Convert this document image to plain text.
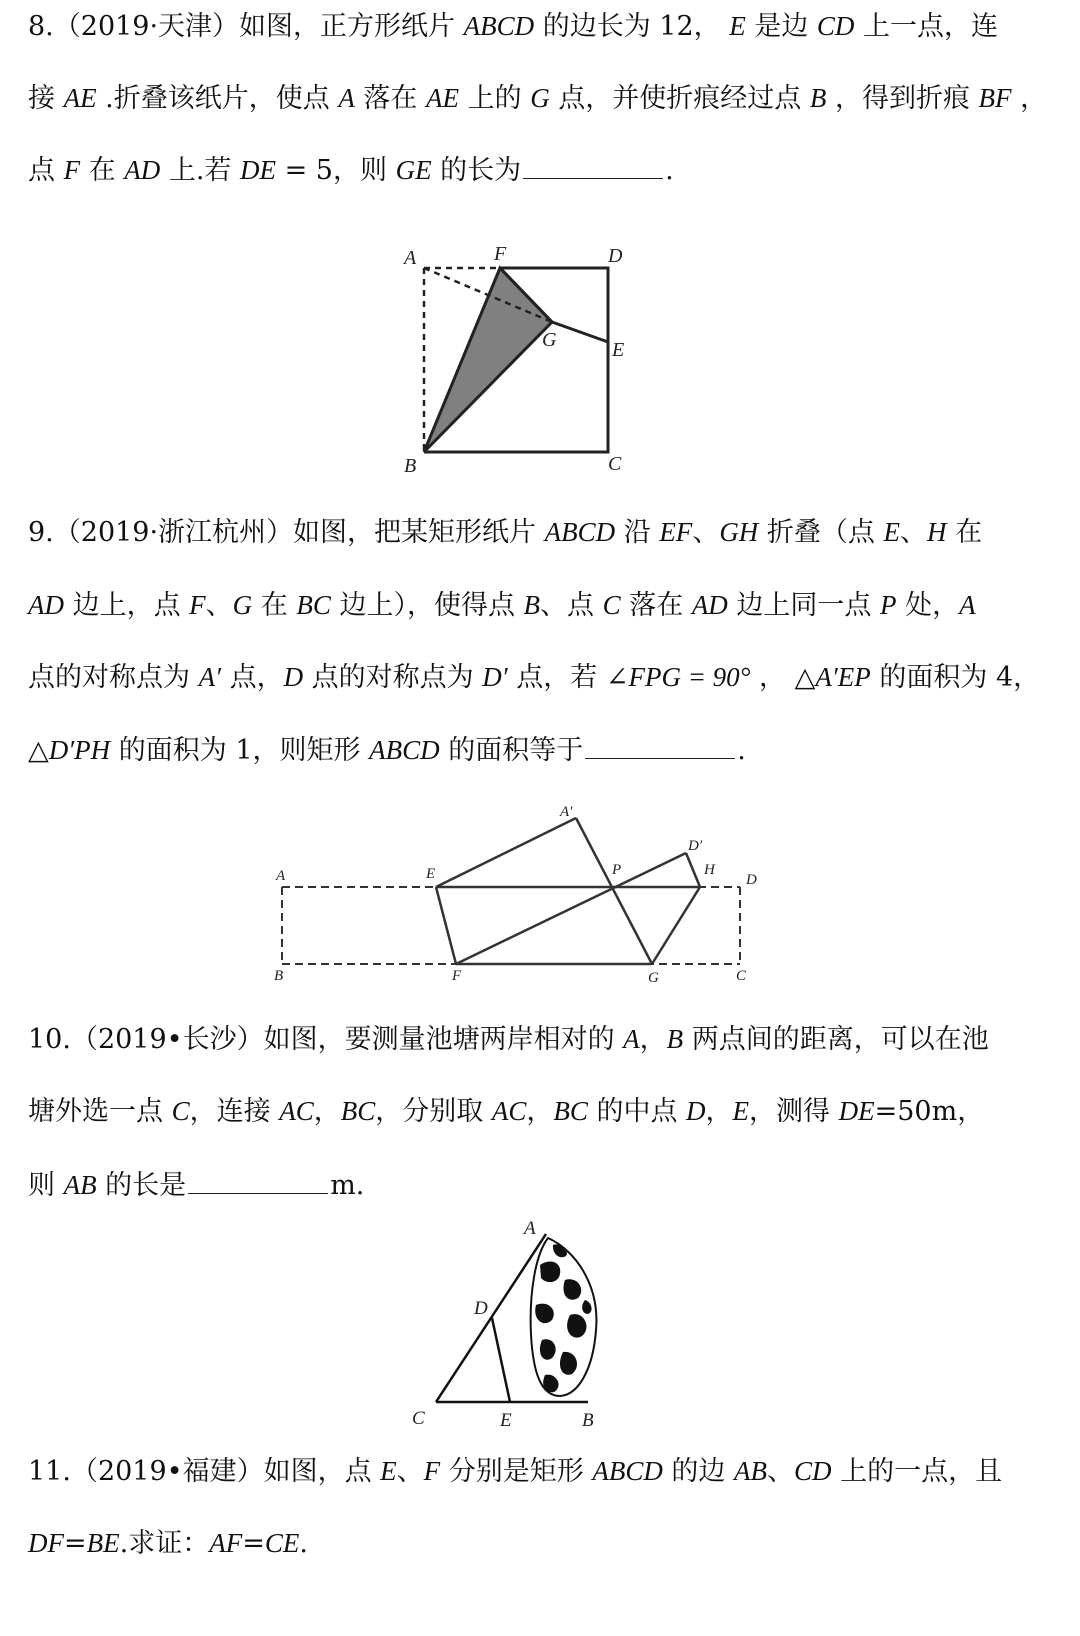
8.（2019·天津）如图，正方形纸片 ABCD 的边长为 12， E 是边 CD 上一点，连
接 AE .折叠该纸片，使点 A 落在 AE 上的 G 点，并使折痕经过点 B ，得到折痕 BF ，
点 F 在 AD 上.若 DE = 5，则 GE 的长为	.
A	F	D
G	E
B	C
9.（2019·浙江杭州）如图，把某矩形纸片 ABCD 沿 EF、GH 折叠（点 E、H 在
AD 边上，点 F、G 在 BC 边上），使得点 B、点 C 落在 AD 边上同一点 P 处，A
点的对称点为 A′ 点，D 点的对称点为 D′ 点，若 ∠FPG = 90° ， △A′EP 的面积为 4，
△D′PH 的面积为 1，则矩形 ABCD 的面积等于	.
A
A′
E	P
D′
H
D
B	F	G	C
10.（2019•长沙）如图，要测量池塘两岸相对的 A，B 两点间的距离，可以在池
塘外选一点 C，连接 AC，BC，分别取 AC，BC 的中点 D，E，测得 DE=50m，
则 AB 的长是	m.
A
D
C	E	B
11.（2019•福建）如图，点 E、F 分别是矩形 ABCD 的边 AB、CD 上的一点，且
DF=BE.求证：AF=CE.
